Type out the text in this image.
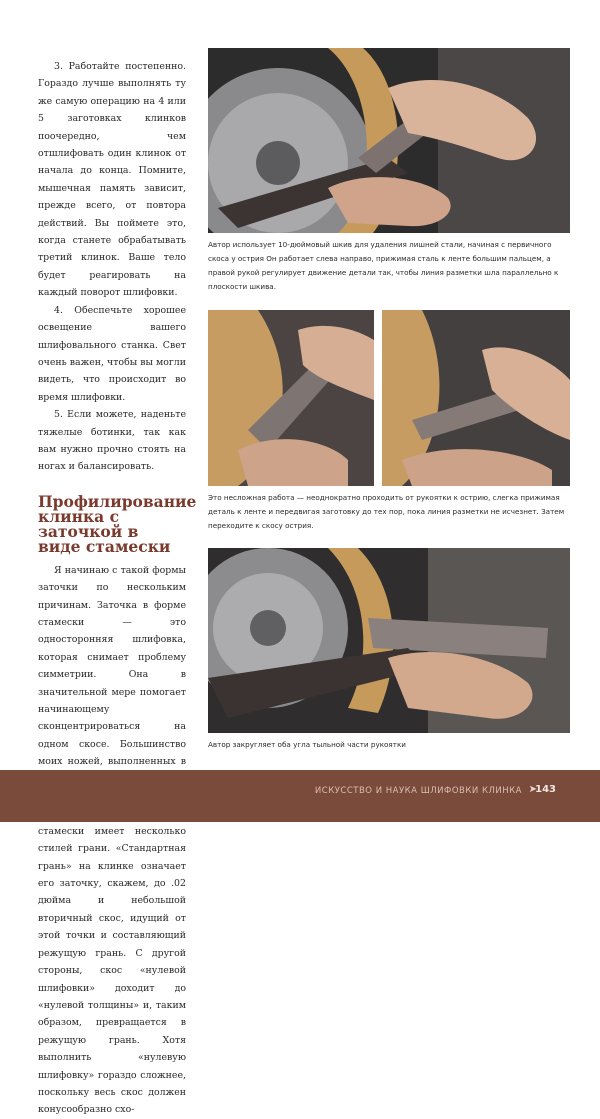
3. Работайте постепенно. Гораздо лучше выполнять ту же самую операцию на 4 или 5 заготовках клинков поочередно, чем отшлифовать один клинок от начала до конца. Помните, мышечная память зависит, прежде всего, от повтора действий. Вы поймете это, когда станете обрабатывать третий клинок. Ваше тело будет реагировать на каждый поворот шлифовки.

4. Обеспечьте хорошее освещение вашего шлифовального станка. Свет очень важен, чтобы вы могли видеть, что происходит во время шлифовки.

5. Если можете, наденьте тяжелые ботинки, так как вам нужно прочно стоять на ногах и балансировать.

Профилирование клинка с заточкой в виде стамески

Я начинаю с такой формы заточки по нескольким причинам. Заточка в форме стамески — это односторонняя шлифовка, которая снимает проблему симметрии. Она в значительной мере помогает начинающему сконцентрироваться на одном скосе. Большинство моих ножей, выполненных в

стамески имеет несколько стилей грани. «Стандартная грань» на клинке означает его заточку, скажем, до .02 дюйма и небольшой вторичный скос, идущий от этой точки и составляющий режущую грань. С другой стороны, скос «нулевой шлифовки» доходит до «нулевой толщины» и, таким образом, превращается в режущую грань. Хотя выполнить «нулевую шлифовку» гораздо сложнее, поскольку весь скос должен конусообразно схо-

Автор использует 10-дюймовый шкив для удаления лишней стали, начиная с первичного скоса у острия Он работает слева направо, прижимая сталь к ленте большим пальцем, а правой рукой регулирует движение детали так, чтобы линия разметки шла параллельно к плоскости шкива.
Это несложная работа — неоднократно проходить от рукоятки к острию, слегка прижимая деталь к ленте и передвигая заготовку до тех пор, пока линия разметки не исчезнет. Затем переходите к скосу острия.
Автор закругляет оба угла тыльной части рукоятки
ИСКУССТВО И НАУКА ШЛИФОВКИ КЛИНКА ➤
143
